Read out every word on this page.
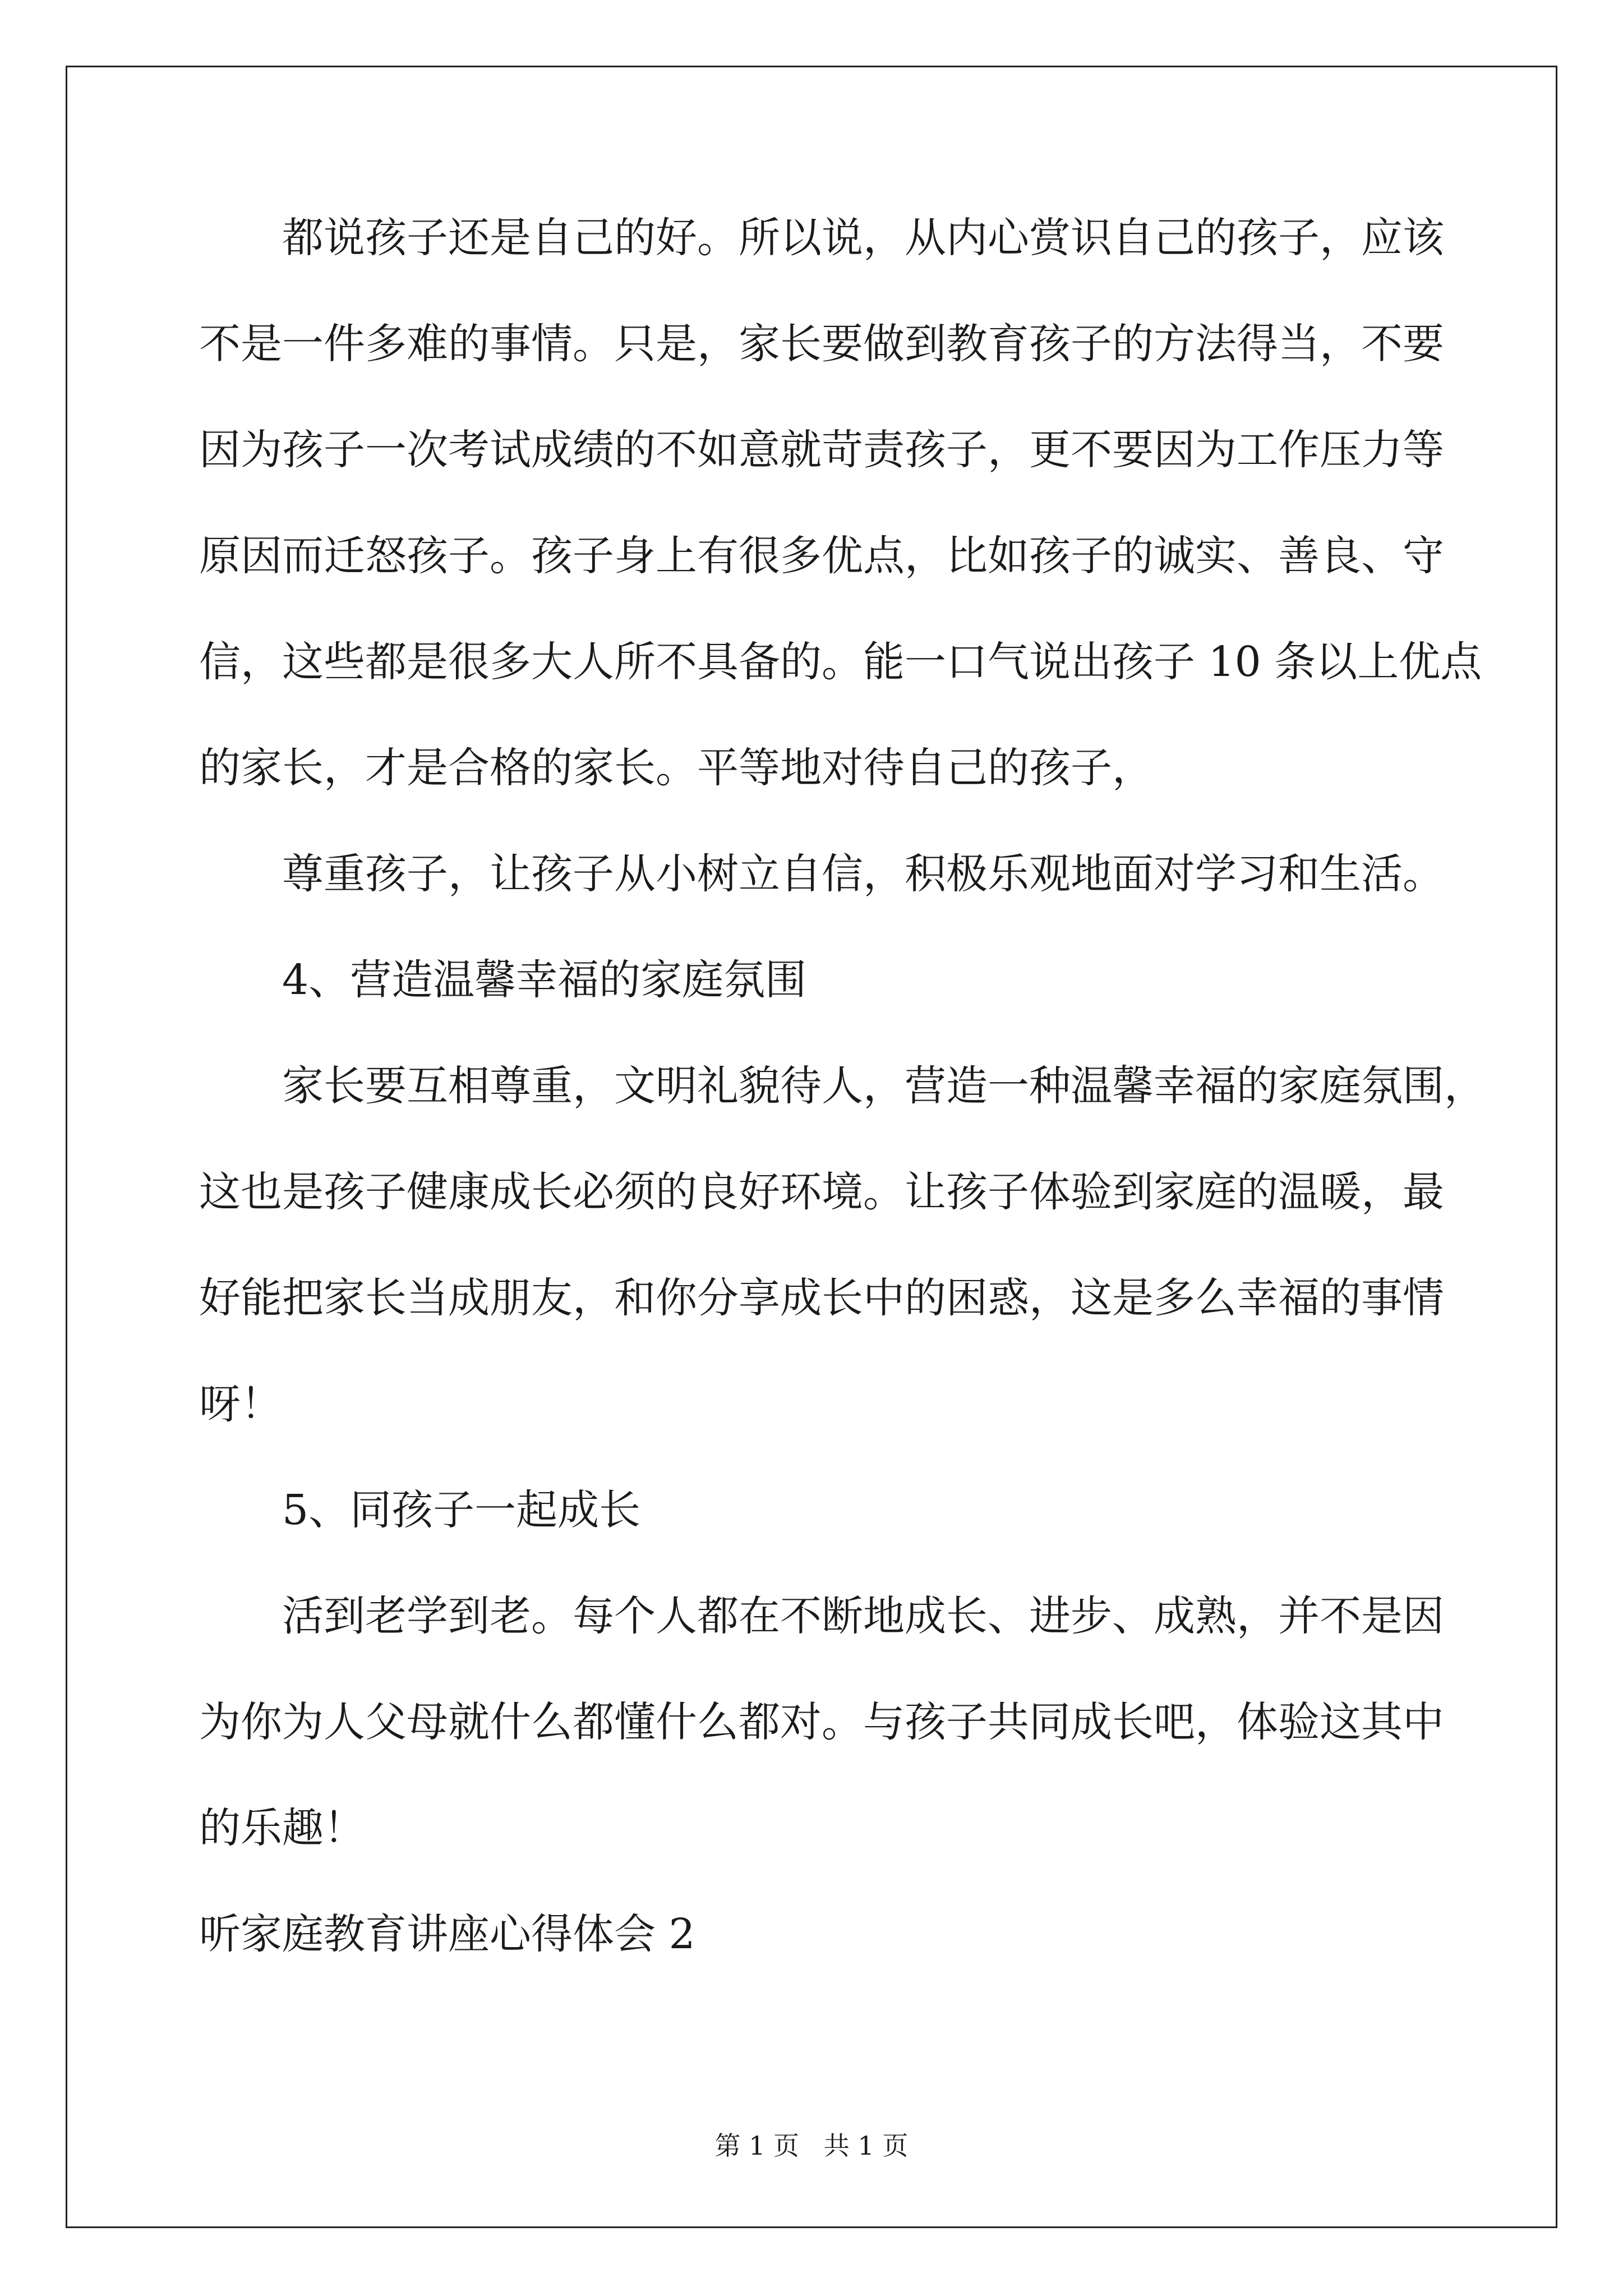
都说孩子还是自己的好。所以说，从内心赏识自己的孩子，应该

不是一件多难的事情。只是，家长要做到教育孩子的方法得当，不要

因为孩子一次考试成绩的不如意就苛责孩子，更不要因为工作压力等

原因而迁怒孩子。孩子身上有很多优点，比如孩子的诚实、善良、守

信，这些都是很多大人所不具备的。能一口气说出孩子 10 条以上优点

的家长，才是合格的家长。平等地对待自己的孩子，

尊重孩子，让孩子从小树立自信，积极乐观地面对学习和生活。

4、营造温馨幸福的家庭氛围

家长要互相尊重，文明礼貌待人，营造一种温馨幸福的家庭氛围，

这也是孩子健康成长必须的良好环境。让孩子体验到家庭的温暖，最

好能把家长当成朋友，和你分享成长中的困惑，这是多么幸福的事情

呀！

5、同孩子一起成长

活到老学到老。每个人都在不断地成长、进步、成熟，并不是因

为你为人父母就什么都懂什么都对。与孩子共同成长吧，体验这其中

的乐趣！

听家庭教育讲座心得体会 2

第 1 页   共 1 页
